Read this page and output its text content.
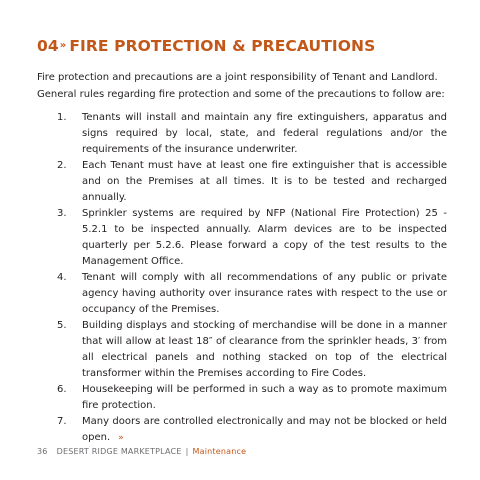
04» FIRE PROTECTION & PRECAUTIONS

Fire protection and precautions are a joint responsibility of Tenant and Landlord. General rules regarding fire protection and some of the precautions to follow are:

1.	Tenants will install and maintain any fire extinguishers, apparatus and signs required by local, state, and federal regulations and/or the requirements of the insurance underwriter.
2.	Each Tenant must have at least one fire extinguisher that is accessible and on the Premises at all times. It is to be tested and recharged annually.
3.	Sprinkler systems are required by NFP (National Fire Protection) 25 - 5.2.1 to be inspected annually. Alarm devices are to be inspected quarterly per 5.2.6. Please forward a copy of the test results to the Management Office.
4.	Tenant will comply with all recommendations of any public or private agency having authority over insurance rates with respect to the use or occupancy of the Premises.
5.	Building displays and stocking of merchandise will be done in a manner that will allow at least 18″ of clearance from the sprinkler heads, 3′ from all electrical panels and nothing stacked on top of the electrical transformer within the Premises according to Fire Codes.
6.	Housekeeping will be performed in such a way as to promote maximum fire protection.
7.	Many doors are controlled electronically and may not be blocked or held open. »
36 DESERT RIDGE MARKETPLACE | Maintenance
